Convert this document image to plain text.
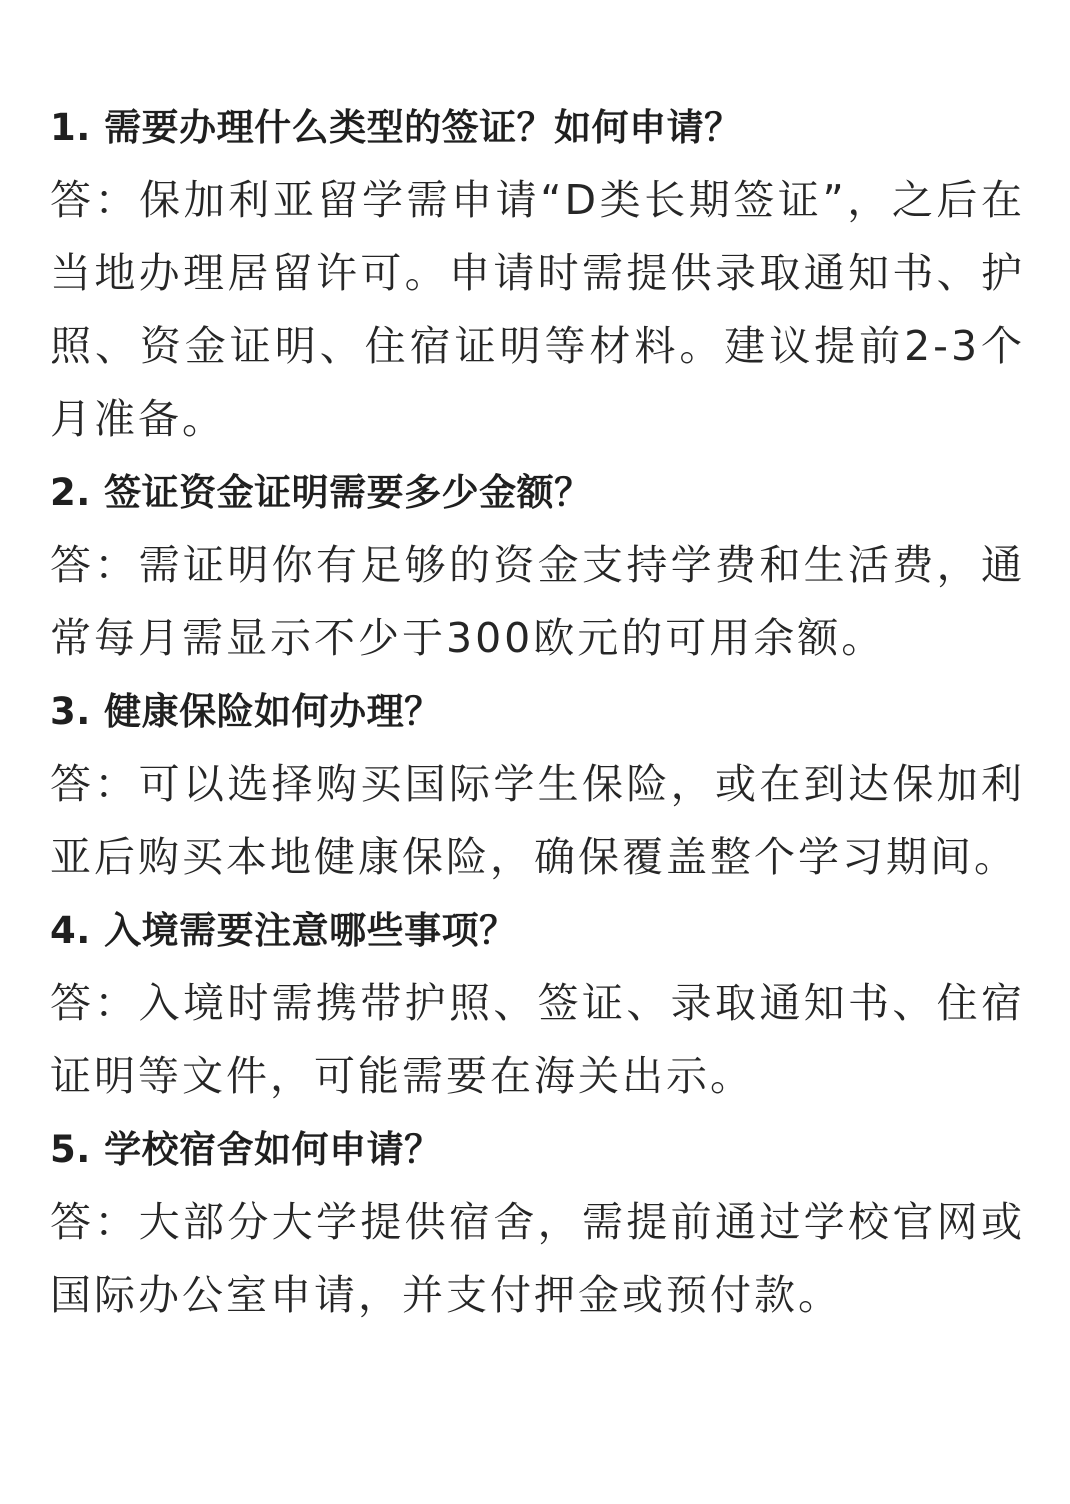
1. 需要办理什么类型的签证？如何申请？
答：保加利亚留学需申请“D类长期签证”，之后在当地办理居留许可。申请时需提供录取通知书、护照、资金证明、住宿证明等材料。建议提前2-3个月准备。
2. 签证资金证明需要多少金额？
答：需证明你有足够的资金支持学费和生活费，通常每月需显示不少于300欧元的可用余额。
3. 健康保险如何办理？
答：可以选择购买国际学生保险，或在到达保加利亚后购买本地健康保险，确保覆盖整个学习期间。
4. 入境需要注意哪些事项？
答：入境时需携带护照、签证、录取通知书、住宿证明等文件，可能需要在海关出示。
5. 学校宿舍如何申请？
答：大部分大学提供宿舍，需提前通过学校官网或国际办公室申请，并支付押金或预付款。
